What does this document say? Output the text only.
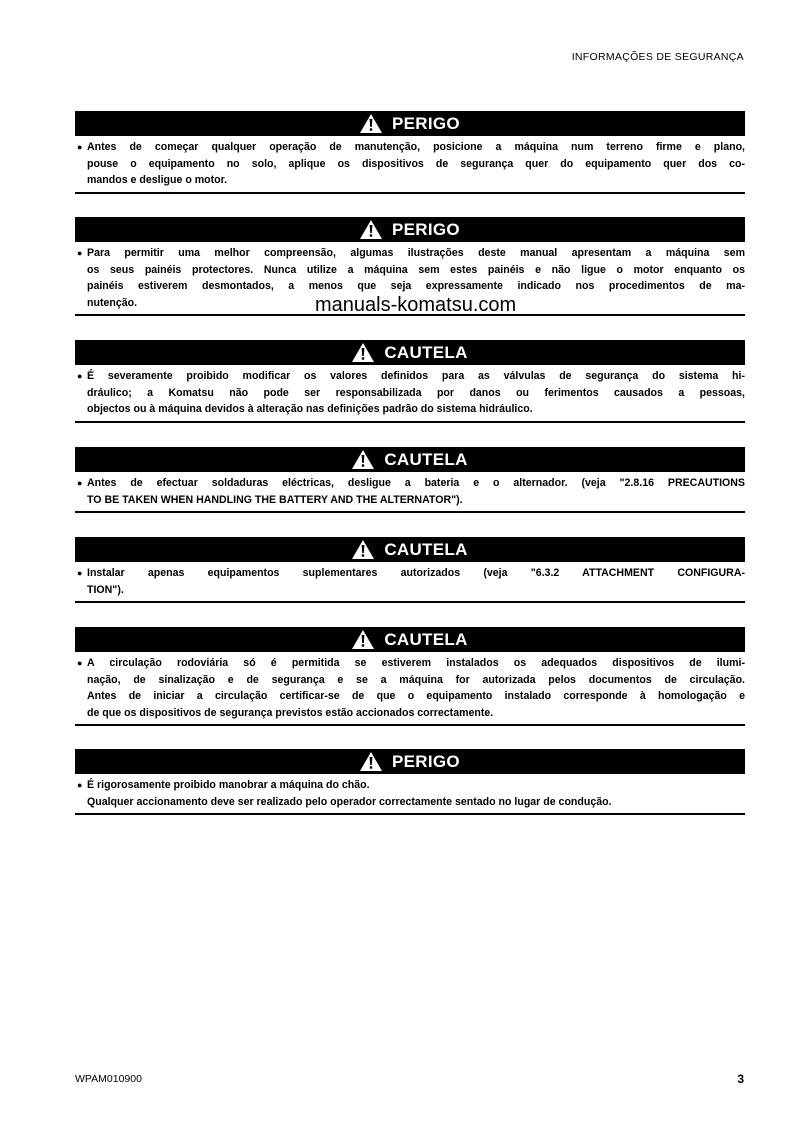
INFORMAÇÕES DE SEGURANÇA
PERIGO
● Antes de começar qualquer operação de manutenção, posicione a máquina num terreno firme e plano,
pouse o equipamento no solo, aplique os dispositivos de segurança quer do equipamento quer dos co-
mandos e desligue o motor.
PERIGO
● Para permitir uma melhor compreensão, algumas ilustrações deste manual apresentam a máquina sem
os seus painéis protectores. Nunca utilize a máquina sem estes painéis e não ligue o motor enquanto os
painéis estiverem desmontados, a menos que seja expressamente indicado nos procedimentos de ma-
nutenção.
CAUTELA
● É severamente proibido modificar os valores definidos para as válvulas de segurança do sistema hi-
dráulico; a Komatsu não pode ser responsabilizada por danos ou ferimentos causados a pessoas,
objectos ou à máquina devidos à alteração nas definições padrão do sistema hidráulico.
CAUTELA
● Antes de efectuar soldaduras eléctricas, desligue a bateria e o alternador. (veja "2.8.16 PRECAUTIONS
TO BE TAKEN WHEN HANDLING THE BATTERY AND THE ALTERNATOR").
CAUTELA
● Instalar apenas equipamentos suplementares autorizados (veja "6.3.2 ATTACHMENT CONFIGURA-
TION").
CAUTELA
● A circulação rodoviária só é permitida se estiverem instalados os adequados dispositivos de ilumi-
nação, de sinalização e de segurança e se a máquina for autorizada pelos documentos de circulação.
Antes de iniciar a circulação certificar-se de que o equipamento instalado corresponde à homologação e
de que os dispositivos de segurança previstos estão accionados correctamente.
PERIGO
● É rigorosamente proibido manobrar a máquina do chão.
Qualquer accionamento deve ser realizado pelo operador correctamente sentado no lugar de condução.
manuals-komatsu.com
WPAM010900	3
